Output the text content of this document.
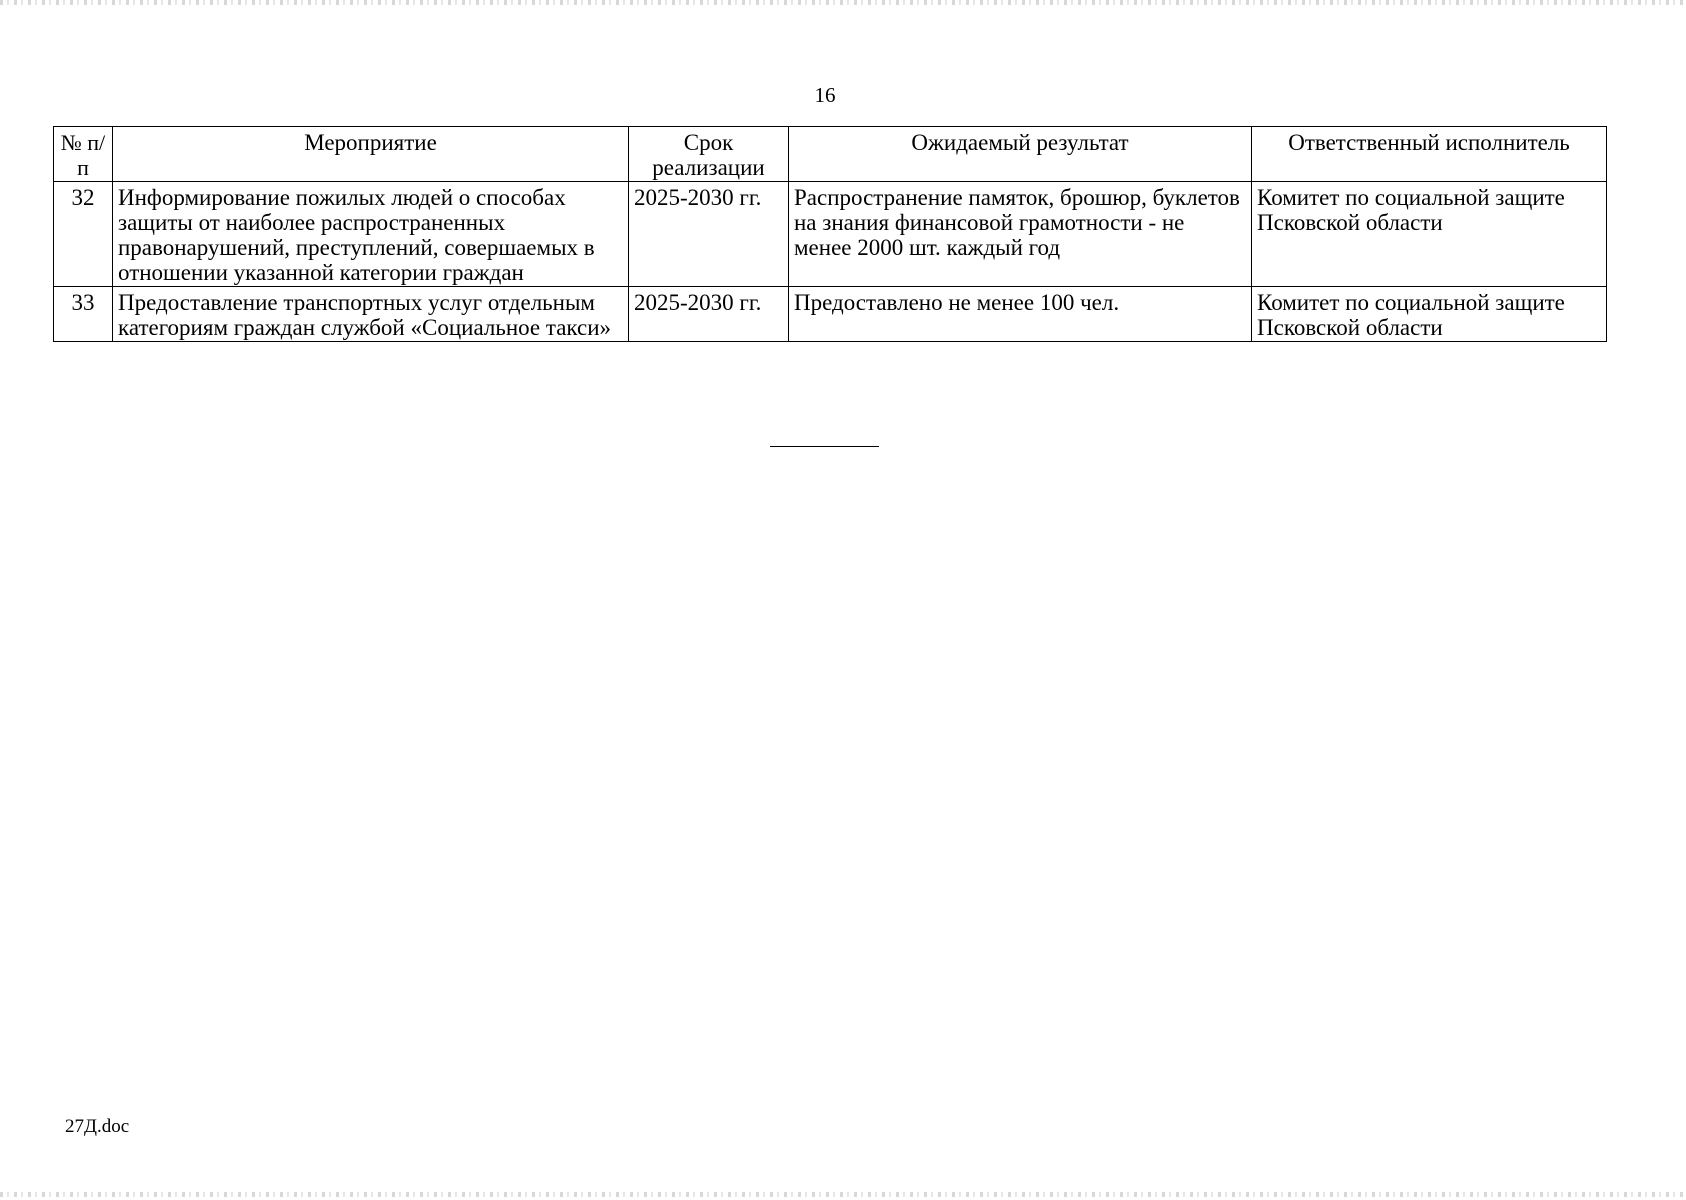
16
№ п/п	Мероприятие	Срок реализации	Ожидаемый результат	Ответственный исполнитель
32	Информирование пожилых людей о способах защиты от наиболее распространенных правонарушений, преступлений, совершаемых в отношении указанной категории граждан	2025-2030 гг.	Распространение памяток, брошюр, буклетов на знания финансовой грамотности - не менее 2000 шт. каждый год	Комитет по социальной защите Псковской области
33	Предоставление транспортных услуг отдельным категориям граждан службой «Социальное такси»	2025-2030 гг.	Предоставлено не менее 100 чел.	Комитет по социальной защите Псковской области
27Д.doc
